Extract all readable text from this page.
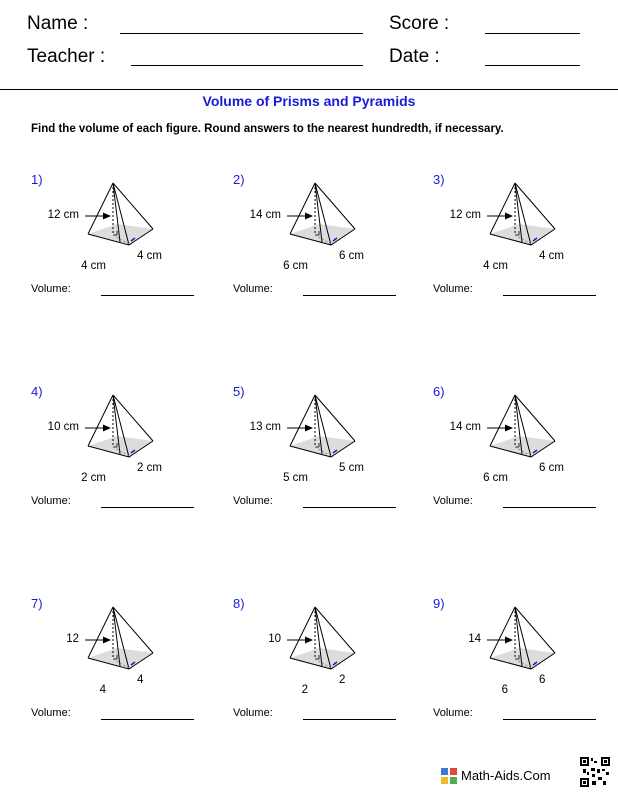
Name :	Score :
Teacher :	Date :
Volume of Prisms and Pyramids
Find the volume of each figure. Round answers to the nearest hundredth, if necessary.
1)
12 cm
4 cm
4 cm
Volume:
2)
14 cm
6 cm
6 cm
Volume:
3)
12 cm
4 cm
4 cm
Volume:
4)
10 cm
2 cm
2 cm
Volume:
5)
13 cm
5 cm
5 cm
Volume:
6)
14 cm
6 cm
6 cm
Volume:
7)
12
4
4
Volume:
8)
10
2
2
Volume:
9)
14
6
6
Volume:
Math-Aids.Com
